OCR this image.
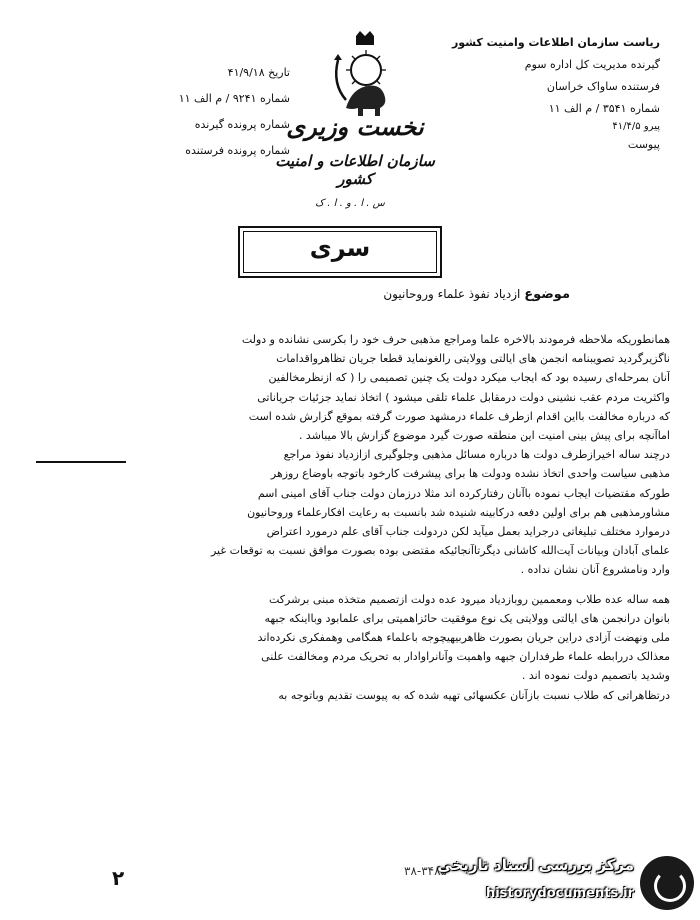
ریاست سازمان اطلاعات وامنیت کشور
گیرنده مدیریت کل اداره سوم
فرستنده ساواک خراسان
شماره ۳۵۴۱ / م الف ۱۱
پیرو ۴۱/۴/۵
پیوست
تاریخ ۴۱/۹/۱۸
شماره ۹۲۴۱ / م الف ۱۱
شماره پرونده گیرنده
شماره پرونده فرستنده
نخست وزیری
سازمان اطلاعات و امنیت کشور
س . ا . و . ا . ک
سری
موضوع ازدیاد نفوذ علماء وروحانیون
همانطوریکه ملاحظه فرمودند بالاخره علما ومراجع مذهبی حرف خود را بکرسی نشانده و دولت
ناگزیرگردید تصویبنامه انجمن های ایالتی وولایتی رالغونماید قطعا جریان تظاهرواقدامات
آنان بمرحله‌ای رسیده بود که ایجاب میکرد دولت یک چنین تصمیمی را ( که ازنظرمخالفین
واکثریت مردم عقب نشینی دولت درمقابل علماء تلقی میشود ) اتخاذ نماید جزئیات جریاناتی
که درباره مخالفت بااین اقدام ازطرف علماء درمشهد صورت گرفته بموقع گزارش شده است
اماآنچه برای پیش بینی امنیت این منطقه صورت گیرد موضوع گزارش بالا میباشد .
درچند ساله اخیرازطرف دولت ها درباره مسائل مذهبی وجلوگیری ازازدیاد نفوذ مراجع
مذهبی سیاست واحدی اتخاذ نشده ودولت ها برای پیشرفت کارخود باتوجه باوضاع روزهر
طورکه مقتضیات ایجاب نموده باآنان رفتارکرده اند مثلا درزمان دولت جناب آقای امینی اسم
مشاورمذهبی هم برای اولین دفعه درکابینه شنیده شد بانسبت به رعایت افکارعلماء وروحانیون
درموارد مختلف تبلیغاتی درجراید بعمل میآید لکن دردولت جناب آقای علم درمورد اعتراض
علمای آبادان وبیانات آیت‌الله کاشانی دیگرتاآنجائیکه مقتضی بوده بصورت موافق نسبت به توقعات غیر
وارد ونامشروع آنان نشان نداده .
همه ساله عده طلاب ومعممین روبازدیاد میرود عده دولت ازتصمیم متخذه مبنی برشرکت
بانوان درانجمن های ایالتی وولایتی یک نوع موفقیت حائزاهمیتی برای علمابود وبااینکه جبهه
ملی ونهضت آزادی دراین جریان بصورت ظاهربیهیچوجه باعلماء همگامی وهمفکری نکرده‌اند
معذالک دررابطه علماء طرفداران جبهه واهمیت وآنانراوادار به تحریک مردم ومخالفت علنی
وشدید باتصمیم دولت نموده اند .
درتظاهراتی که طلاب نسبت بازآنان عکسهائی تهیه شده که به پیوست تقدیم وباتوجه به
۲	۳۸-۳۴۸۵
مرکز بررسی اسناد تاریخی
historydocuments.ir
